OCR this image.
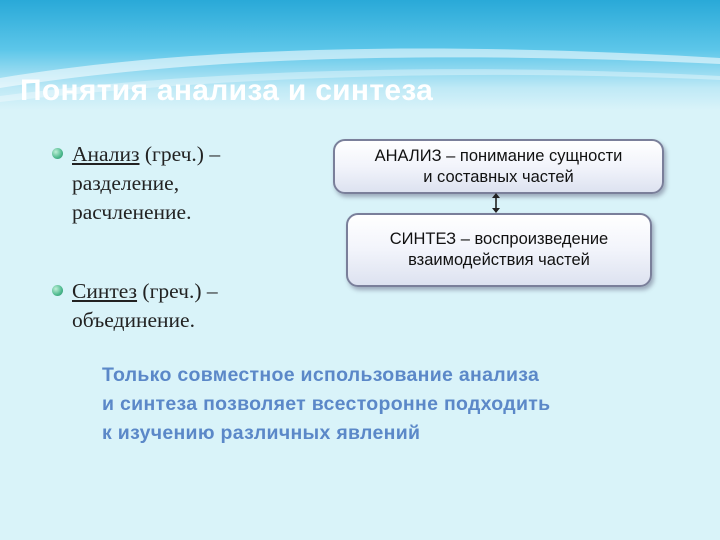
Понятия анализа и синтеза
Анализ (греч.) –
разделение,
расчленение.
Синтез (греч.) –
объединение.
АНАЛИЗ – понимание сущности
и составных частей
СИНТЕЗ – воспроизведение
взаимодействия частей
Только совместное использование анализа
и синтеза позволяет всесторонне подходить
к изучению различных явлений
